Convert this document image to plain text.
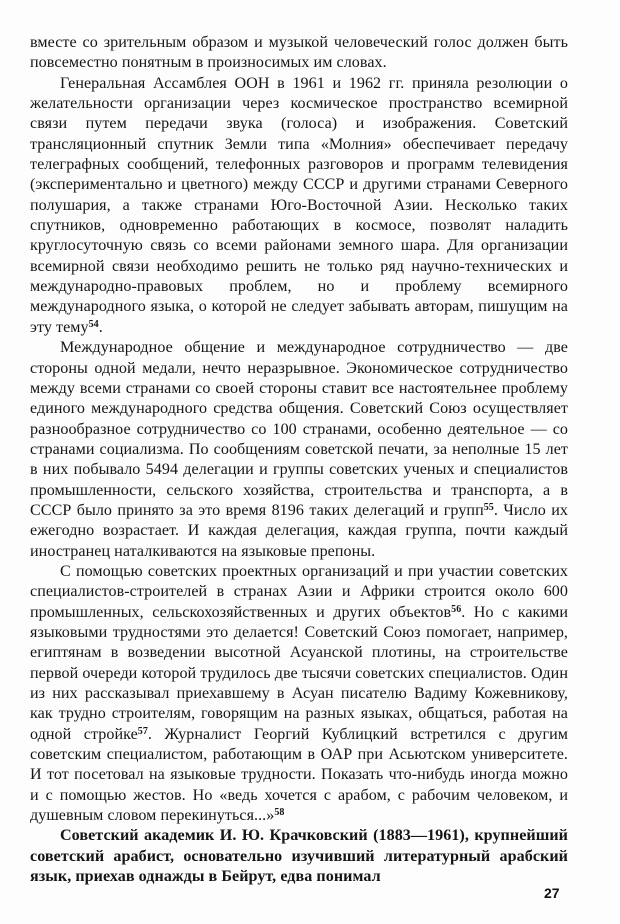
вместе со зрительным образом и музыкой человеческий голос должен быть повсеместно понятным в произносимых им словах.

Генеральная Ассамблея ООН в 1961 и 1962 гг. приняла резолюции о желательности организации через космическое пространство всемирной связи путем передачи звука (голоса) и изображения. Советский трансляционный спутник Земли типа «Молния» обеспечивает передачу телеграфных сообщений, телефонных разговоров и программ телевидения (экспериментально и цветного) между СССР и другими странами Северного полушария, а также странами Юго-Восточной Азии. Несколько таких спутников, одновременно работающих в космосе, позволят наладить круглосуточную связь со всеми районами земного шара. Для организации всемирной связи необходимо решить не только ряд научно-технических и международно-правовых проблем, но и проблему всемирного международного языка, о которой не следует забывать авторам, пишущим на эту тему$^{54}$.

Международное общение и международное сотрудничество — две стороны одной медали, нечто неразрывное. Экономическое сотрудничество между всеми странами со своей стороны ставит все настоятельнее проблему единого международного средства общения. Советский Союз осуществляет разнообразное сотрудничество со 100 странами, особенно деятельное — со странами социализма. По сообщениям советской печати, за неполные 15 лет в них побывало 5494 делегации и группы советских ученых и специалистов промышленности, сельского хозяйства, строительства и транспорта, а в СССР было принято за это время 8196 таких делегаций и групп$^{55}$. Число их ежегодно возрастает. И каждая делегация, каждая группа, почти каждый иностранец наталкиваются на языковые препоны.

С помощью советских проектных организаций и при участии советских специалистов-строителей в странах Азии и Африки строится около 600 промышленных, сельскохозяйственных и других объектов$^{56}$. Но с какими языковыми трудностями это делается! Советский Союз помогает, например, египтянам в возведении высотной Асуанской плотины, на строительстве первой очереди которой трудилось две тысячи советских специалистов. Один из них рассказывал приехавшему в Асуан писателю Вадиму Кожевникову, как трудно строителям, говорящим на разных языках, общаться, работая на одной стройке$^{57}$. Журналист Георгий Кублицкий встретился с другим советским специалистом, работающим в ОАР при Асьютском университете. И тот посетовал на языковые трудности. Показать что-нибудь иногда можно и с помощью жестов. Но «ведь хочется с арабом, с рабочим человеком, и душевным словом перекинуться...»$^{58}$

Советский академик И. Ю. Крачковский (1883—1961), крупнейший советский арабист, основательно изучивший литературный арабский язык, приехав однажды в Бейрут, едва понимал

27
